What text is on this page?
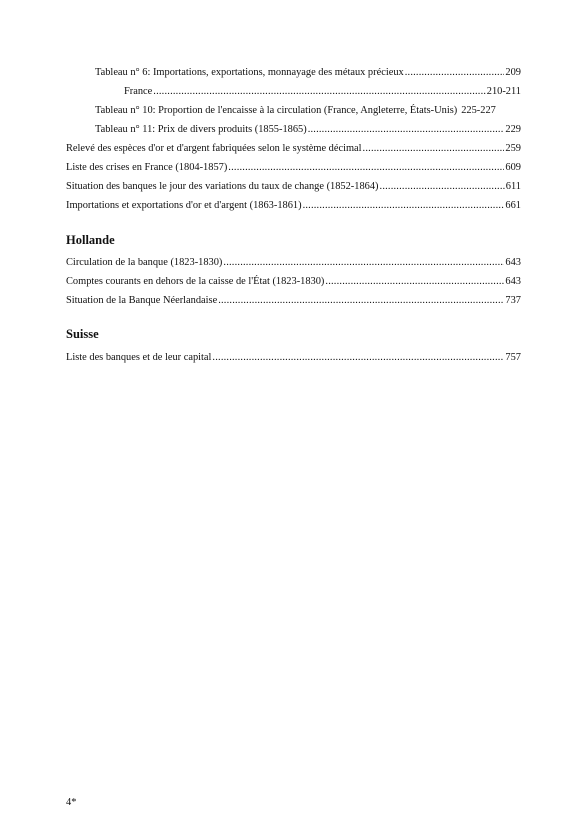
Tableau n° 6: Importations, exportations, monnayage des métaux précieux .....	209
France .....	210-211
Tableau n° 10: Proportion de l'encaisse à la circulation (France, Angleterre, États-Unis) 225-227
Tableau n° 11: Prix de divers produits (1855-1865) .....	229
Relevé des espèces d'or et d'argent fabriquées selon le système décimal .....	259
Liste des crises en France (1804-1857) .....	609
Situation des banques le jour des variations du taux de change (1852-1864) .....	611
Importations et exportations d'or et d'argent (1863-1861) .....	661
Hollande
Circulation de la banque (1823-1830) .....	643
Comptes courants en dehors de la caisse de l'État (1823-1830) .....	643
Situation de la Banque Néerlandaise .....	737
Suisse
Liste des banques et de leur capital .....	757
4*
